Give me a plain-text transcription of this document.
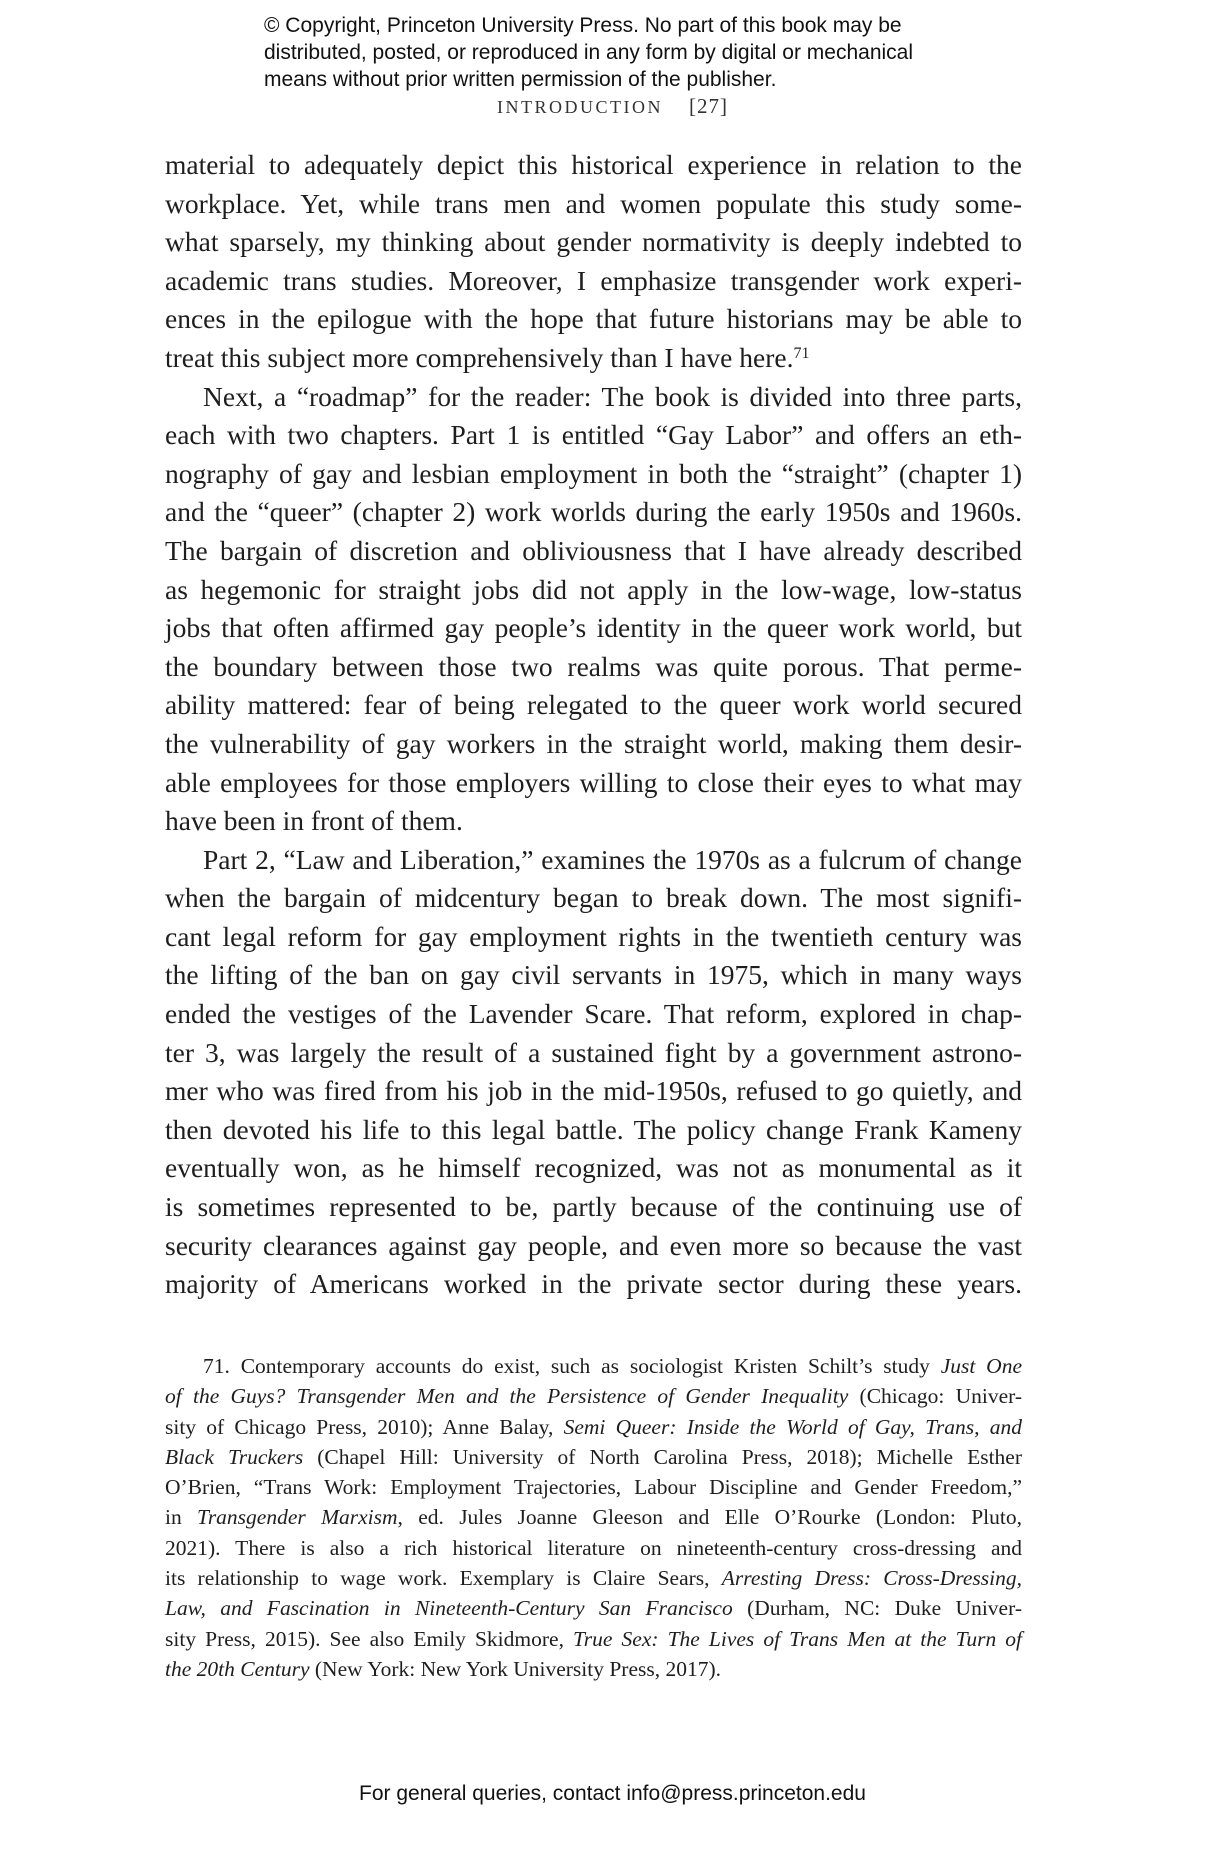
© Copyright, Princeton University Press. No part of this book may be
distributed, posted, or reproduced in any form by digital or mechanical
means without prior written permission of the publisher.
INTRODUCTION [27]
material to adequately depict this historical experience in relation to the
workplace. Yet, while trans men and women populate this study some-
what sparsely, my thinking about gender normativity is deeply indebted to
academic trans studies. Moreover, I emphasize transgender work experi-
ences in the epilogue with the hope that future historians may be able to
treat this subject more comprehensively than I have here.$^{71}$
Next, a “roadmap” for the reader: The book is divided into three parts,
each with two chapters. Part 1 is entitled “Gay Labor” and offers an eth-
nography of gay and lesbian employment in both the “straight” (chapter 1)
and the “queer” (chapter 2) work worlds during the early 1950s and 1960s.
The bargain of discretion and obliviousness that I have already described
as hegemonic for straight jobs did not apply in the low-wage, low-status
jobs that often affirmed gay people’s identity in the queer work world, but
the boundary between those two realms was quite porous. That perme-
ability mattered: fear of being relegated to the queer work world secured
the vulnerability of gay workers in the straight world, making them desir-
able employees for those employers willing to close their eyes to what may
have been in front of them.
Part 2, “Law and Liberation,” examines the 1970s as a fulcrum of change
when the bargain of midcentury began to break down. The most signifi-
cant legal reform for gay employment rights in the twentieth century was
the lifting of the ban on gay civil servants in 1975, which in many ways
ended the vestiges of the Lavender Scare. That reform, explored in chap-
ter 3, was largely the result of a sustained fight by a government astrono-
mer who was fired from his job in the mid-1950s, refused to go quietly, and
then devoted his life to this legal battle. The policy change Frank Kameny
eventually won, as he himself recognized, was not as monumental as it
is sometimes represented to be, partly because of the continuing use of
security clearances against gay people, and even more so because the vast
majority of Americans worked in the private sector during these years.
71. Contemporary accounts do exist, such as sociologist Kristen Schilt’s study Just One
of the Guys? Transgender Men and the Persistence of Gender Inequality (Chicago: Univer-
sity of Chicago Press, 2010); Anne Balay, Semi Queer: Inside the World of Gay, Trans, and
Black Truckers (Chapel Hill: University of North Carolina Press, 2018); Michelle Esther
O’Brien, “Trans Work: Employment Trajectories, Labour Discipline and Gender Freedom,”
in Transgender Marxism, ed. Jules Joanne Gleeson and Elle O’Rourke (London: Pluto,
2021). There is also a rich historical literature on nineteenth-century cross-dressing and
its relationship to wage work. Exemplary is Claire Sears, Arresting Dress: Cross-Dressing,
Law, and Fascination in Nineteenth-Century San Francisco (Durham, NC: Duke Univer-
sity Press, 2015). See also Emily Skidmore, True Sex: The Lives of Trans Men at the Turn of
the 20th Century (New York: New York University Press, 2017).
For general queries, contact info@press.princeton.edu
